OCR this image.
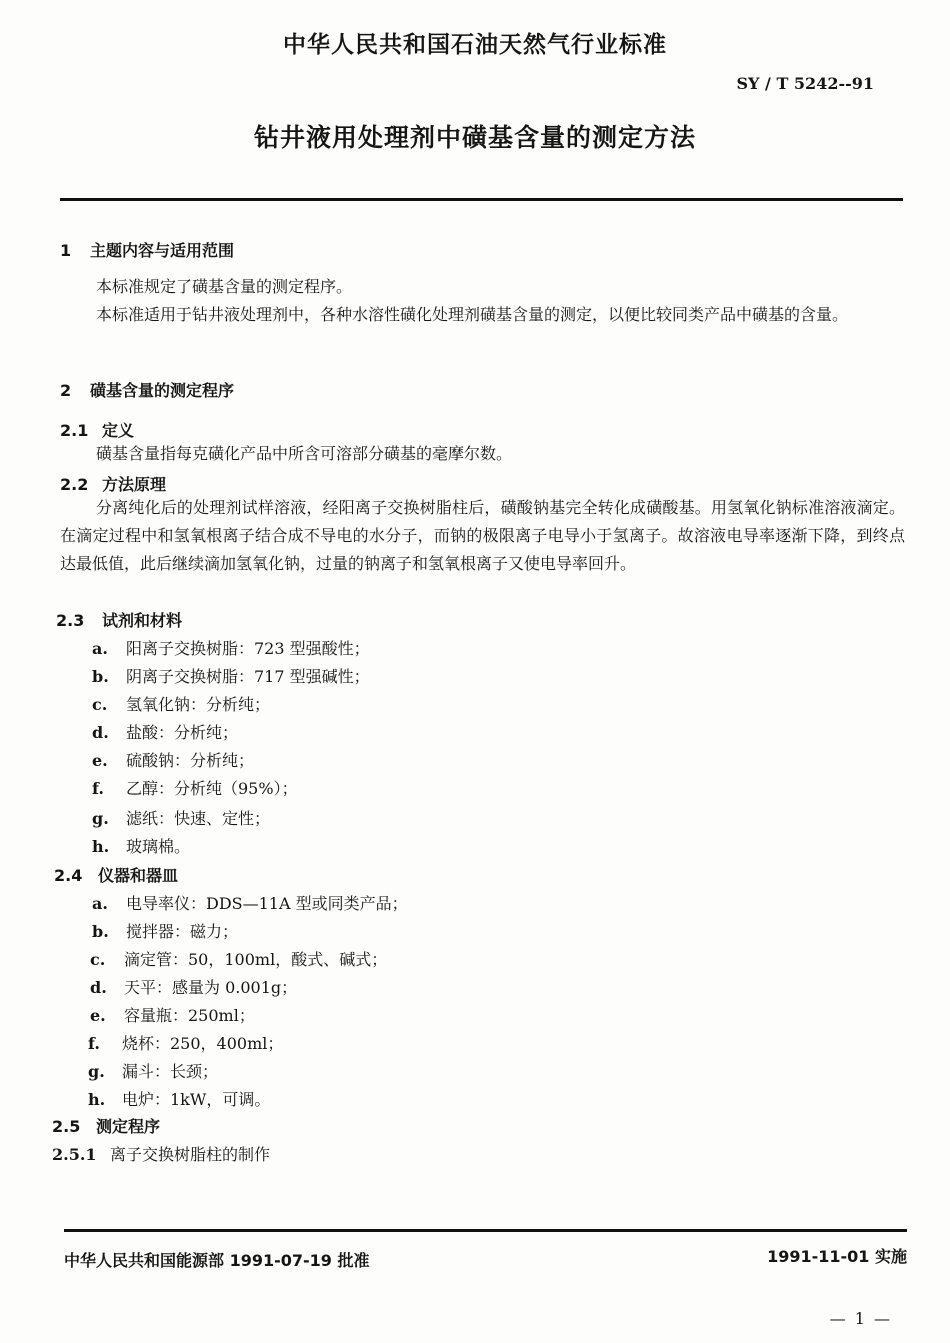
中华人民共和国石油天然气行业标准
SY / T 5242--91
钻井液用处理剂中磺基含量的测定方法
1 主题内容与适用范围
本标准规定了磺基含量的测定程序。
本标准适用于钻井液处理剂中，各种水溶性磺化处理剂磺基含量的测定，以便比较同类产品中磺基的含量。
2 磺基含量的测定程序
2.1 定义
磺基含量指每克磺化产品中所含可溶部分磺基的毫摩尔数。
2.2 方法原理
分离纯化后的处理剂试样溶液，经阳离子交换树脂柱后，磺酸钠基完全转化成磺酸基。用氢氧化钠标准溶液滴定。在滴定过程中和氢氧根离子结合成不导电的水分子，而钠的极限离子电导小于氢离子。故溶液电导率逐渐下降，到终点达最低值，此后继续滴加氢氧化钠，过量的钠离子和氢氧根离子又使电导率回升。
2.3 试剂和材料
a. 阳离子交换树脂：723 型强酸性；
b. 阴离子交换树脂：717 型强碱性；
c. 氢氧化钠：分析纯；
d. 盐酸：分析纯；
e. 硫酸钠：分析纯；
f. 乙醇：分析纯（95%）；
g. 滤纸：快速、定性；
h. 玻璃棉。
2.4 仪器和器皿
a. 电导率仪：DDS—11A 型或同类产品；
b. 搅拌器：磁力；
c. 滴定管：50，100ml，酸式、碱式；
d. 天平：感量为 0.001g；
e. 容量瓶：250ml；
f. 烧杯：250，400ml；
g. 漏斗：长颈；
h. 电炉：1kW，可调。
2.5 测定程序
2.5.1 离子交换树脂柱的制作
中华人民共和国能源部 1991-07-19 批准	1991-11-01 实施
— 1 —
